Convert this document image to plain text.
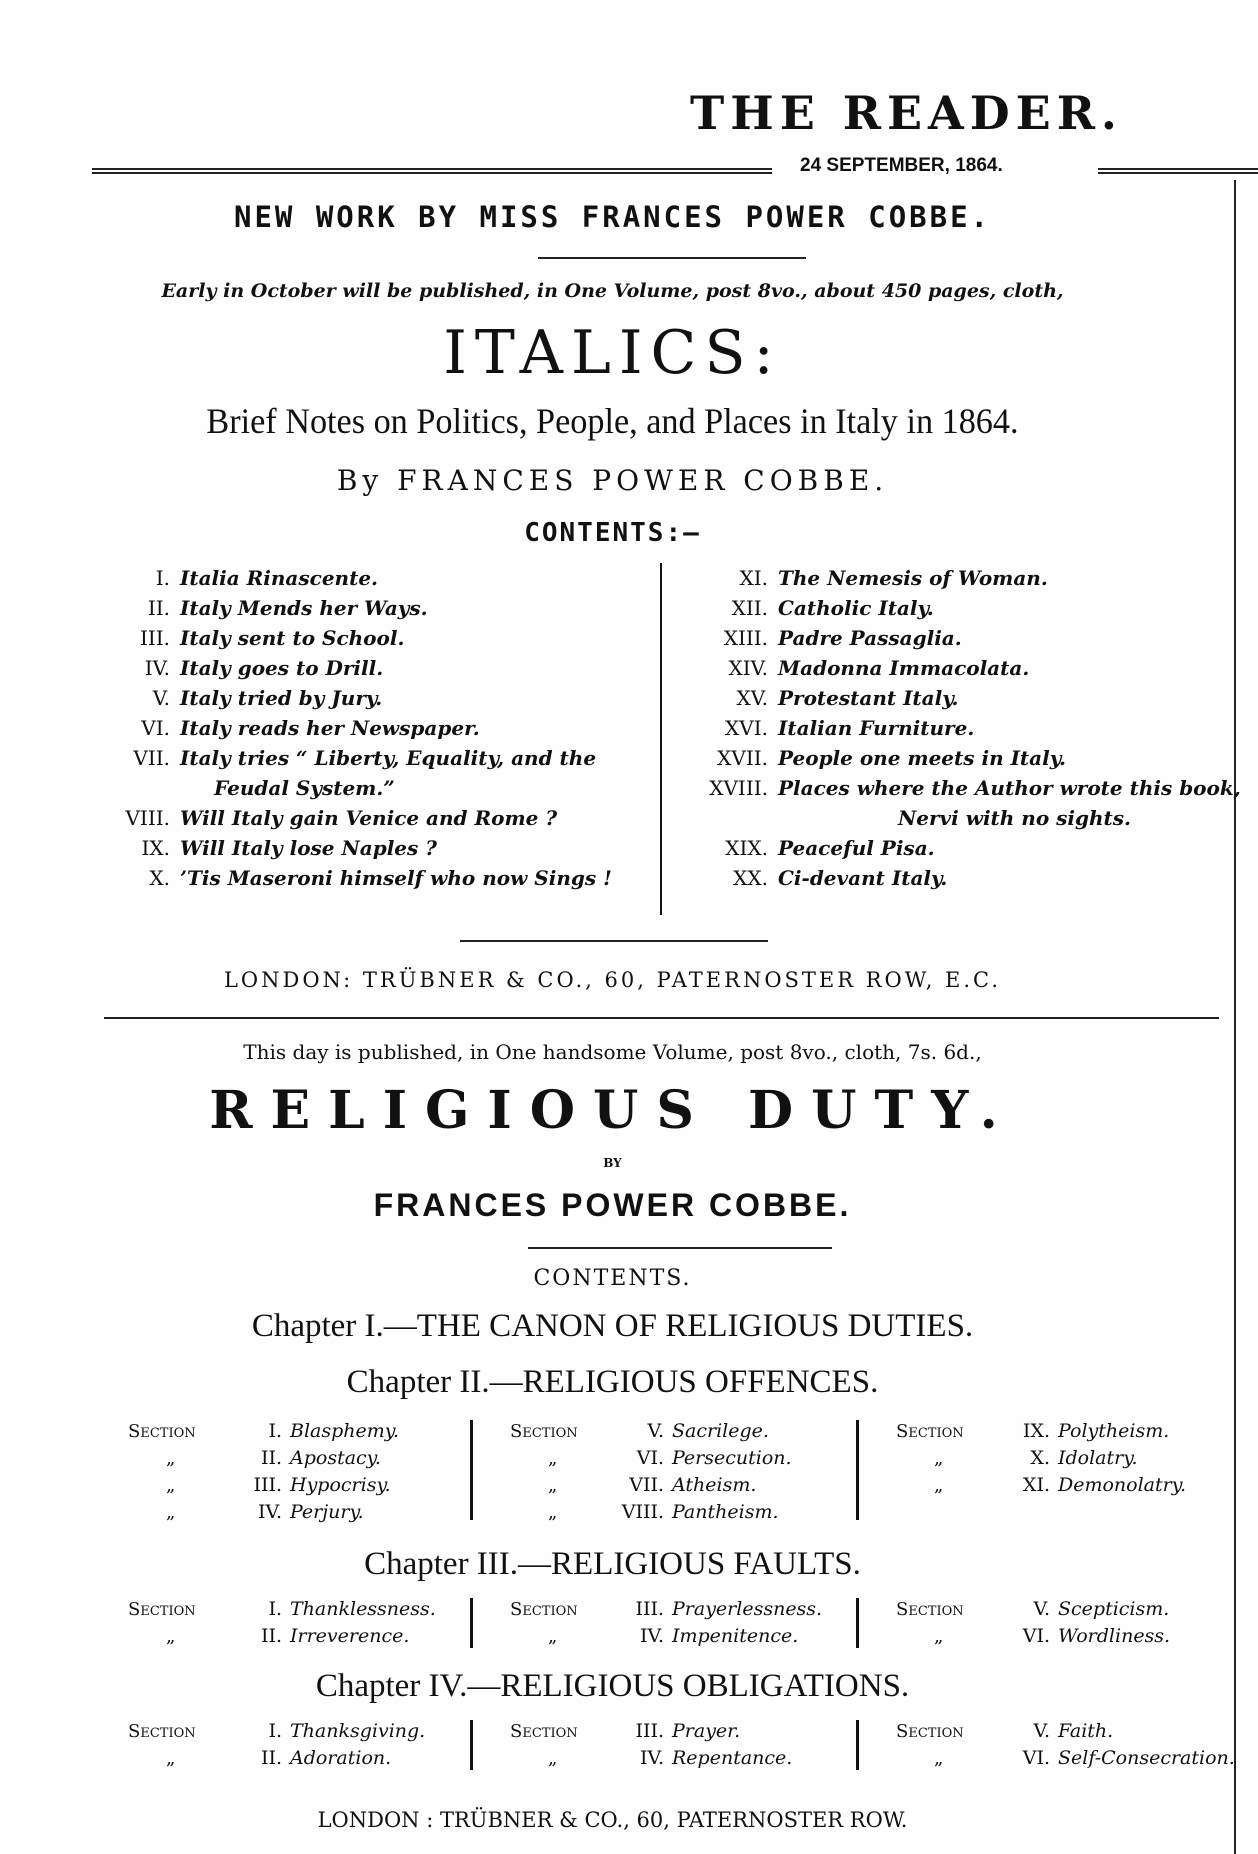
THE READER.
24 SEPTEMBER, 1864.
NEW WORK BY MISS FRANCES POWER COBBE.
Early in October will be published, in One Volume, post 8vo., about 450 pages, cloth,
ITALICS:
Brief Notes on Politics, People, and Places in Italy in 1864.
By FRANCES POWER COBBE.
CONTENTS:—
I. Italia Rinascente.
II. Italy Mends her Ways.
III. Italy sent to School.
IV. Italy goes to Drill.
V. Italy tried by Jury.
VI. Italy reads her Newspaper.
VII. Italy tries “ Liberty, Equality, and the
Feudal System.”
VIII. Will Italy gain Venice and Rome ?
IX. Will Italy lose Naples ?
X. ’Tis Maseroni himself who now Sings !
XI. The Nemesis of Woman.
XII. Catholic Italy.
XIII. Padre Passaglia.
XIV. Madonna Immacolata.
XV. Protestant Italy.
XVI. Italian Furniture.
XVII. People one meets in Italy.
XVIII. Places where the Author wrote this book,
Nervi with no sights.
XIX. Peaceful Pisa.
XX. Ci-devant Italy.
LONDON: TRÜBNER & CO., 60, PATERNOSTER ROW, E.C.
This day is published, in One handsome Volume, post 8vo., cloth, 7s. 6d.,
RELIGIOUS DUTY.
BY
FRANCES POWER COBBE.
CONTENTS.
Chapter I.—THE CANON OF RELIGIOUS DUTIES.
Chapter II.—RELIGIOUS OFFENCES.
Section	I. Blasphemy.
„	II. Apostacy.
„	III. Hypocrisy.
„	IV. Perjury.
Section	V. Sacrilege.
„	VI. Persecution.
„	VII. Atheism.
„	VIII. Pantheism.
Section	IX. Polytheism.
„	X. Idolatry.
„	XI. Demonolatry.
Chapter III.—RELIGIOUS FAULTS.
Section	I. Thanklessness.
„	II. Irreverence.
Section	III. Prayerlessness.
„	IV. Impenitence.
Section	V. Scepticism.
„	VI. Wordliness.
Chapter IV.—RELIGIOUS OBLIGATIONS.
Section	I. Thanksgiving.
„	II. Adoration.
Section	III. Prayer.
„	IV. Repentance.
Section	V. Faith.
„	VI. Self-Consecration.
LONDON : TRÜBNER & CO., 60, PATERNOSTER ROW.
